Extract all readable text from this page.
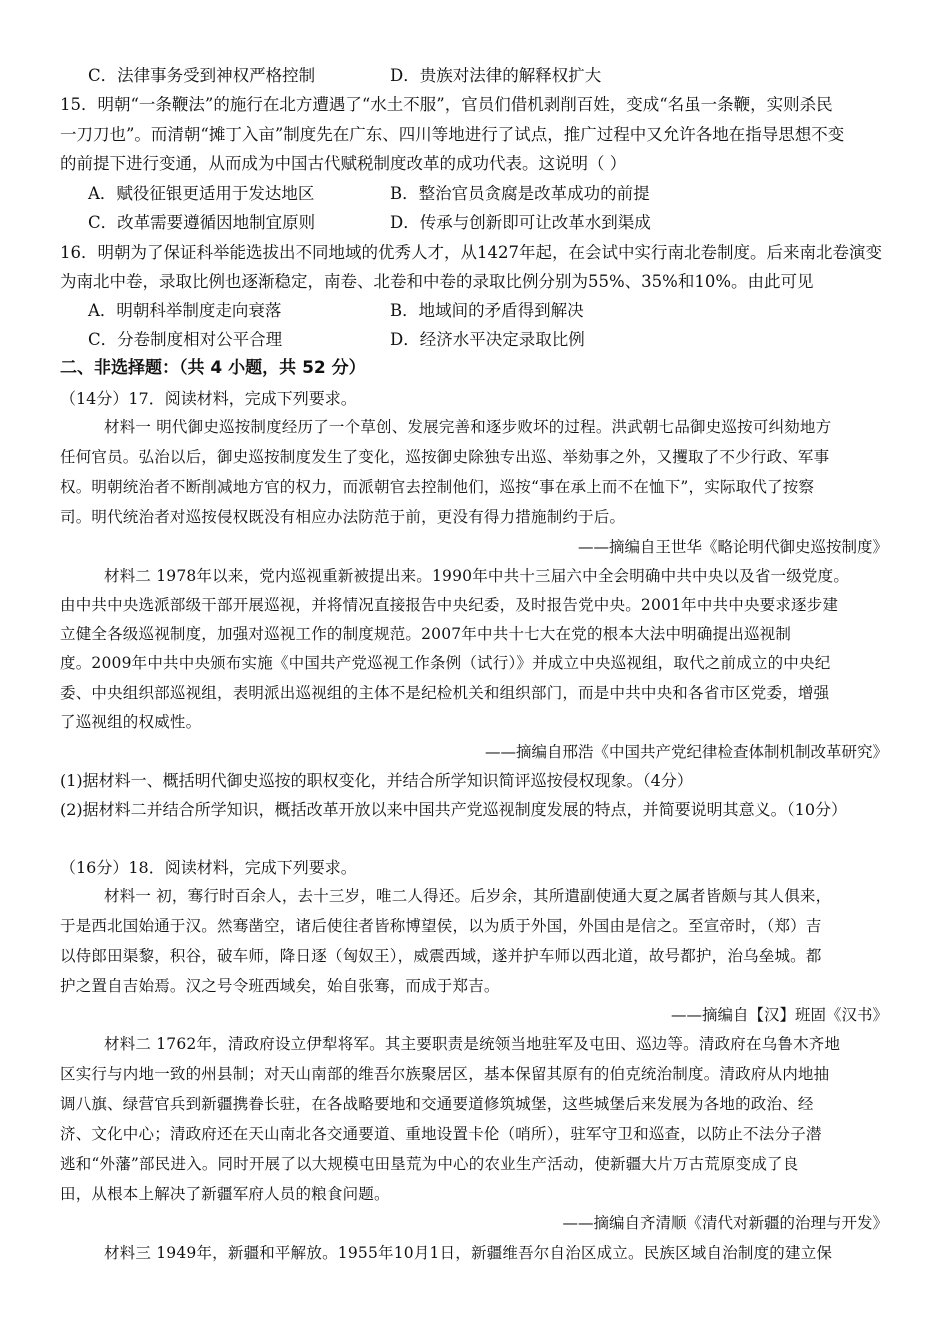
C．法律事务受到神权严格控制	D．贵族对法律的解释权扩大
15．明朝“一条鞭法”的施行在北方遭遇了“水土不服”，官员们借机剥削百姓，变成“名虽一条鞭，实则杀民
一刀刀也”。而清朝“摊丁入亩”制度先在广东、四川等地进行了试点，推广过程中又允许各地在指导思想不变
的前提下进行变通，从而成为中国古代赋税制度改革的成功代表。这说明（ ）
A．赋役征银更适用于发达地区	B．整治官员贪腐是改革成功的前提
C．改革需要遵循因地制宜原则	D．传承与创新即可让改革水到渠成
16．明朝为了保证科举能选拔出不同地域的优秀人才，从1427年起，在会试中实行南北卷制度。后来南北卷演变
为南北中卷，录取比例也逐渐稳定，南卷、北卷和中卷的录取比例分别为55%、35%和10%。由此可见
A．明朝科举制度走向衰落	B．地域间的矛盾得到解决
C．分卷制度相对公平合理	D．经济水平决定录取比例
二、非选择题：（共 4 小题，共 52 分）
（14分）17．阅读材料，完成下列要求。
材料一 明代御史巡按制度经历了一个草创、发展完善和逐步败坏的过程。洪武朝七品御史巡按可纠劾地方
任何官员。弘治以后，御史巡按制度发生了变化，巡按御史除独专出巡、举劾事之外，又攫取了不少行政、军事
权。明朝统治者不断削减地方官的权力，而派朝官去控制他们，巡按“事在承上而不在恤下”，实际取代了按察
司。明代统治者对巡按侵权既没有相应办法防范于前，更没有得力措施制约于后。
——摘编自王世华《略论明代御史巡按制度》
材料二 1978年以来，党内巡视重新被提出来。1990年中共十三届六中全会明确中共中央以及省一级党度。
由中共中央选派部级干部开展巡视，并将情况直接报告中央纪委，及时报告党中央。2001年中共中央要求逐步建
立健全各级巡视制度，加强对巡视工作的制度规范。2007年中共十七大在党的根本大法中明确提出巡视制
度。2009年中共中央颁布实施《中国共产党巡视工作条例（试行）》并成立中央巡视组，取代之前成立的中央纪
委、中央组织部巡视组，表明派出巡视组的主体不是纪检机关和组织部门，而是中共中央和各省市区党委，增强
了巡视组的权威性。
——摘编自邢浩《中国共产党纪律检查体制机制改革研究》
(1)据材料一、概括明代御史巡按的职权变化，并结合所学知识简评巡按侵权现象。（4分）
(2)据材料二并结合所学知识，概括改革开放以来中国共产党巡视制度发展的特点，并简要说明其意义。（10分）
（16分）18．阅读材料，完成下列要求。
材料一 初，骞行时百余人，去十三岁，唯二人得还。后岁余，其所遣副使通大夏之属者皆颇与其人俱来，
于是西北国始通于汉。然骞凿空，诸后使往者皆称博望侯，以为质于外国，外国由是信之。至宣帝时，（郑）吉
以侍郎田渠黎，积谷，破车师，降日逐（匈奴王），威震西域，遂并护车师以西北道，故号都护，治乌垒城。都
护之置自吉始焉。汉之号令班西域矣，始自张骞，而成于郑吉。
——摘编自【汉】班固《汉书》
材料二 1762年，清政府设立伊犁将军。其主要职责是统领当地驻军及屯田、巡边等。清政府在乌鲁木齐地
区实行与内地一致的州县制；对天山南部的维吾尔族聚居区，基本保留其原有的伯克统治制度。清政府从内地抽
调八旗、绿营官兵到新疆携眷长驻，在各战略要地和交通要道修筑城堡，这些城堡后来发展为各地的政治、经
济、文化中心；清政府还在天山南北各交通要道、重地设置卡伦（哨所），驻军守卫和巡查，以防止不法分子潜
逃和“外藩”部民进入。同时开展了以大规模屯田垦荒为中心的农业生产活动，使新疆大片万古荒原变成了良
田，从根本上解决了新疆军府人员的粮食问题。
——摘编自齐清顺《清代对新疆的治理与开发》
材料三 1949年，新疆和平解放。1955年10月1日，新疆维吾尔自治区成立。民族区域自治制度的建立保
